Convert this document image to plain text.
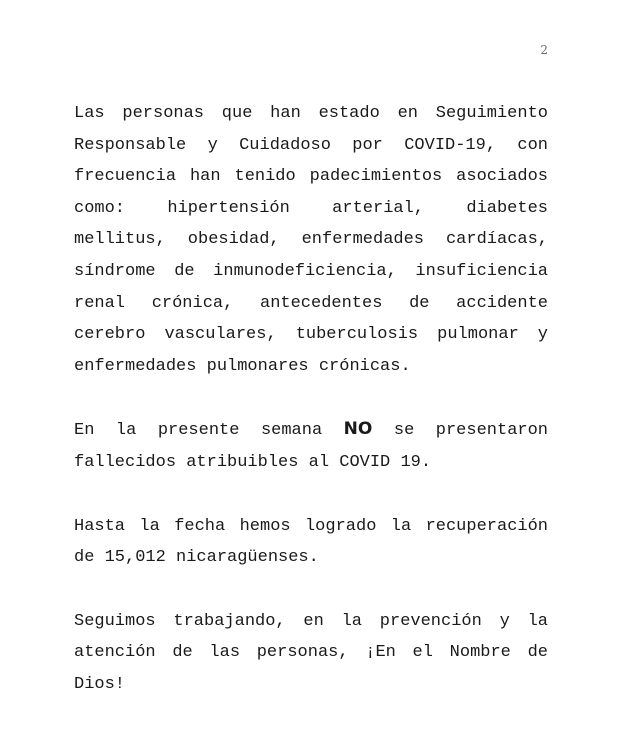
2

Las personas que han estado en Seguimiento Responsable y Cuidadoso por COVID-19, con frecuencia han tenido padecimientos asociados como: hipertensión arterial, diabetes mellitus, obesidad, enfermedades cardíacas, síndrome de inmunodeficiencia, insuficiencia renal crónica, antecedentes de accidente cerebro vasculares, tuberculosis pulmonar y enfermedades pulmonares crónicas.

En la presente semana NO se presentaron fallecidos atribuibles al COVID 19.

Hasta la fecha hemos logrado la recuperación de 15,012 nicaragüenses.

Seguimos trabajando, en la prevención y la atención de las personas, ¡En el Nombre de Dios!
